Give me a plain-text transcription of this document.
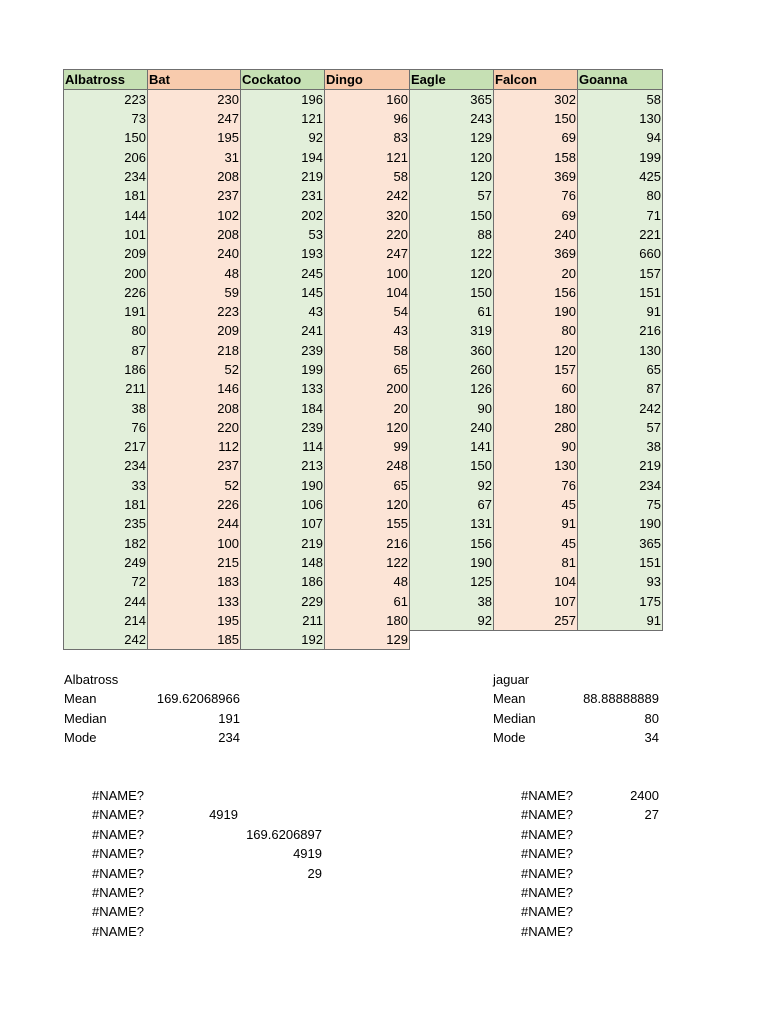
Albatross	Bat	Cockatoo	Dingo	Eagle	Falcon	Goanna
223	230	196	160	365	302	58
73	247	121	96	243	150	130
150	195	92	83	129	69	94
206	31	194	121	120	158	199
234	208	219	58	120	369	425
181	237	231	242	57	76	80
144	102	202	320	150	69	71
101	208	53	220	88	240	221
209	240	193	247	122	369	660
200	48	245	100	120	20	157
226	59	145	104	150	156	151
191	223	43	54	61	190	91
80	209	241	43	319	80	216
87	218	239	58	360	120	130
186	52	199	65	260	157	65
211	146	133	200	126	60	87
38	208	184	20	90	180	242
76	220	239	120	240	280	57
217	112	114	99	141	90	38
234	237	213	248	150	130	219
33	52	190	65	92	76	234
181	226	106	120	67	45	75
235	244	107	155	131	91	190
182	100	219	216	156	45	365
249	215	148	122	190	81	151
72	183	186	48	125	104	93
244	133	229	61	38	107	175
214	195	211	180	92	257	91
242	185	192	129			
Albatross
Mean	169.62068966
Median	191
Mode	234
jaguar
Mean	88.88888889
Median	80
Mode	34
#NAME?
#NAME?	4919
#NAME?	169.6206897
#NAME?	4919
#NAME?	29
#NAME?
#NAME?
#NAME?
#NAME?	2400
#NAME?	27
#NAME?
#NAME?
#NAME?
#NAME?
#NAME?
#NAME?
